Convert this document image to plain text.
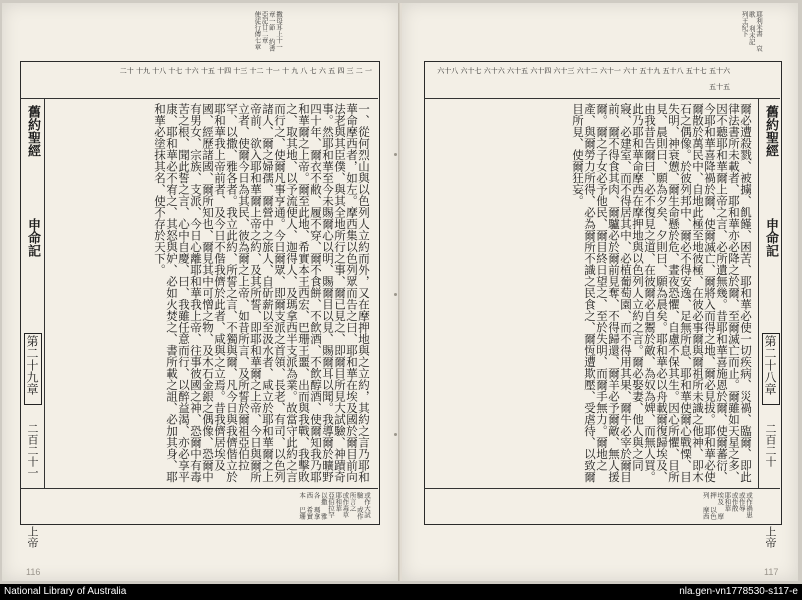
撒母耳上十一章一節 約書亞記廿二章 使徒行傳七章
二十 十九 十八 十七 十六 十五 十四 十三 十二 十一 十 九 八 七 六 五 四 三 二 一
舊約聖經
申命記
第二十九章
二百二十一	一、從何烈山與以色列人立約而外，又在摩押地與之立約，其約之言乃耶和華命摩西者，如左。摩西集以色列眾而告之曰、耶和華在埃及國於爾目前向法老與其臣僕、與其全地所行之事、爾已見之、即爾目所見大試驗、神蹟奇事。然耶和華至今未賜爾心以明、賜爾目以見、賜爾耳以聞。我導爾於曠野四十年、爾衣不敝、履不穿、爾不食餅、不飲酒、不飲醇酒、使爾知我乃耶和華爾之上帝。爾至此地、希實本王西宏、巴珊王噩、出而與我戰、我擊敗之、取其地、以予流便人、迦得人、及瑪拿西半支派為業。故當守此約之言而行之、使爾凡事亨通。今日爾眾、即爾支派之首領、長老、有司、以色列諸人、爾之婦孺、爾營中之旅人、自斫薪以至汲水者、咸立於耶和華爾之上帝前、欲入耶和華爾上帝之約、及其所誓、即耶和華爾之上帝、今日與爾所立者、使爾今日為其民、彼為爾之上帝、如昔所言、及所誓於爾祖亞伯拉罕、以撒、雅各者。我立此約、所誓之言、不獨與爾、凡今日與我儕偕立於耶和華我上帝前者、及今日不偕我儕於此者、咸與之立焉。昔我儕居埃及國、經歷諸國、爾所知也、爾見其中可憎之物、及木石金銀之偶像、恐爾中有男女、宗族、支派、今日心離耶和華我上帝、往事彼國之神、恐爾中有毒苦之根、聞此誓之言、心中自慶、曰、我雖任意而行、以醉益渴、亦必享平康、耶和華必不宥之、其怒與妒、必如火焚之、書所載之詛、必加其身、耶和華必塗抹其名、使不存於天下。
或作大試驗 或作所言之 或作毒草 耶和華 亞伯拉罕 以撒 雅各 瑪拿西 希實本 巴珊
上帝
116
耶利米書 哀歌 利未記 列王紀下
六十八 六十七 六十六 六十五 六十四 六十三 六十二 六十一 六十 五十九 五十八 五十七 五十六 五十五
爾必遭殺戮、被擄、飢饉、困苦、耶和華必使一切疾病、災禍、臨爾、即此律法書所未載者、耶和華亦必降之於爾、至爾滅亡而止。爾雖如天星之多、因不聽耶和華爾上帝之言、必所遺無幾。昔耶和華喜施恩於爾、使爾蕃衍、今耶和華喜降禍於爾、使爾滅亡、爾將入而得之地、爾必見拔。耶和華必使爾散於萬民中、自地此極至地彼極、在彼必事爾與爾祖所未識之他神、即木石之偶像。於彼列邦中、爾必不得安逸、足無所息、耶和華使爾心戰慄、目失明、神衰憊、爾生命懸於危、晝夜恐懼、自慮不保其生。因心所懼、目所見、晨則曰、願為夕矣、夕則曰、願為晨矣。耶和華必以舟載爾復歸埃及、由我昔告爾曰、必不復見之道、在彼爾必自鬻於敵、為奴為婢、而無人買。此乃耶和華命摩西在摩押地與以色列人立約之言。爾必娶妻、他人與之同寢、必建室、而不得居其中、必植葡萄園、而不得用其果、爾牛必宰於爾目前、爾不得食其肉、爾驢必於爾前見奪、不得歸還、爾羊必予爾敵、無人援爾。爾之子女必予他民、爾目終日望之、至於失明、而爾手無力。爾地之產、與爾勞力所得、必為爾所不識之民食之、爾恆遭欺壓、受虐待、以致爾目所見、使爾狂妄。	舊約聖經
申命記
第二十八章
二百二十
或作禍患 或作辱 或作散 耶和華 埃及 摩押 以色列 摩西
上帝
117
National Library of Australia	nla.gen-vn1778530-s117-e
